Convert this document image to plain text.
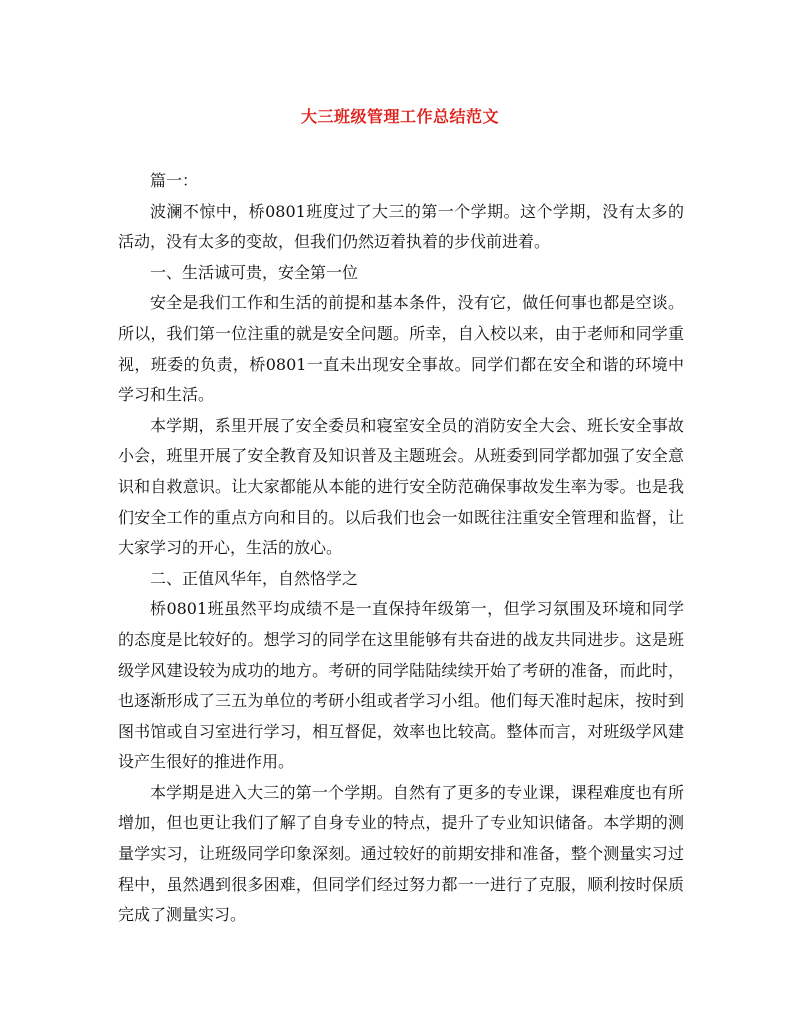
大三班级管理工作总结范文

篇一：

波澜不惊中，桥0801班度过了大三的第一个学期。这个学期，没有太多的活动，没有太多的变故，但我们仍然迈着执着的步伐前进着。

一、生活诚可贵，安全第一位

安全是我们工作和生活的前提和基本条件，没有它，做任何事也都是空谈。所以，我们第一位注重的就是安全问题。所幸，自入校以来，由于老师和同学重视，班委的负责，桥0801一直未出现安全事故。同学们都在安全和谐的环境中学习和生活。

本学期，系里开展了安全委员和寝室安全员的消防安全大会、班长安全事故小会，班里开展了安全教育及知识普及主题班会。从班委到同学都加强了安全意识和自救意识。让大家都能从本能的进行安全防范确保事故发生率为零。也是我们安全工作的重点方向和目的。以后我们也会一如既往注重安全管理和监督，让大家学习的开心，生活的放心。

二、正值风华年，自然恪学之

桥0801班虽然平均成绩不是一直保持年级第一，但学习氛围及环境和同学的态度是比较好的。想学习的同学在这里能够有共奋进的战友共同进步。这是班级学风建设较为成功的地方。考研的同学陆陆续续开始了考研的准备，而此时，也逐渐形成了三五为单位的考研小组或者学习小组。他们每天准时起床，按时到图书馆或自习室进行学习，相互督促，效率也比较高。整体而言，对班级学风建设产生很好的推进作用。

本学期是进入大三的第一个学期。自然有了更多的专业课，课程难度也有所增加，但也更让我们了解了自身专业的特点，提升了专业知识储备。本学期的测量学实习，让班级同学印象深刻。通过较好的前期安排和准备，整个测量实习过程中，虽然遇到很多困难，但同学们经过努力都一一进行了克服，顺利按时保质完成了测量实习。
